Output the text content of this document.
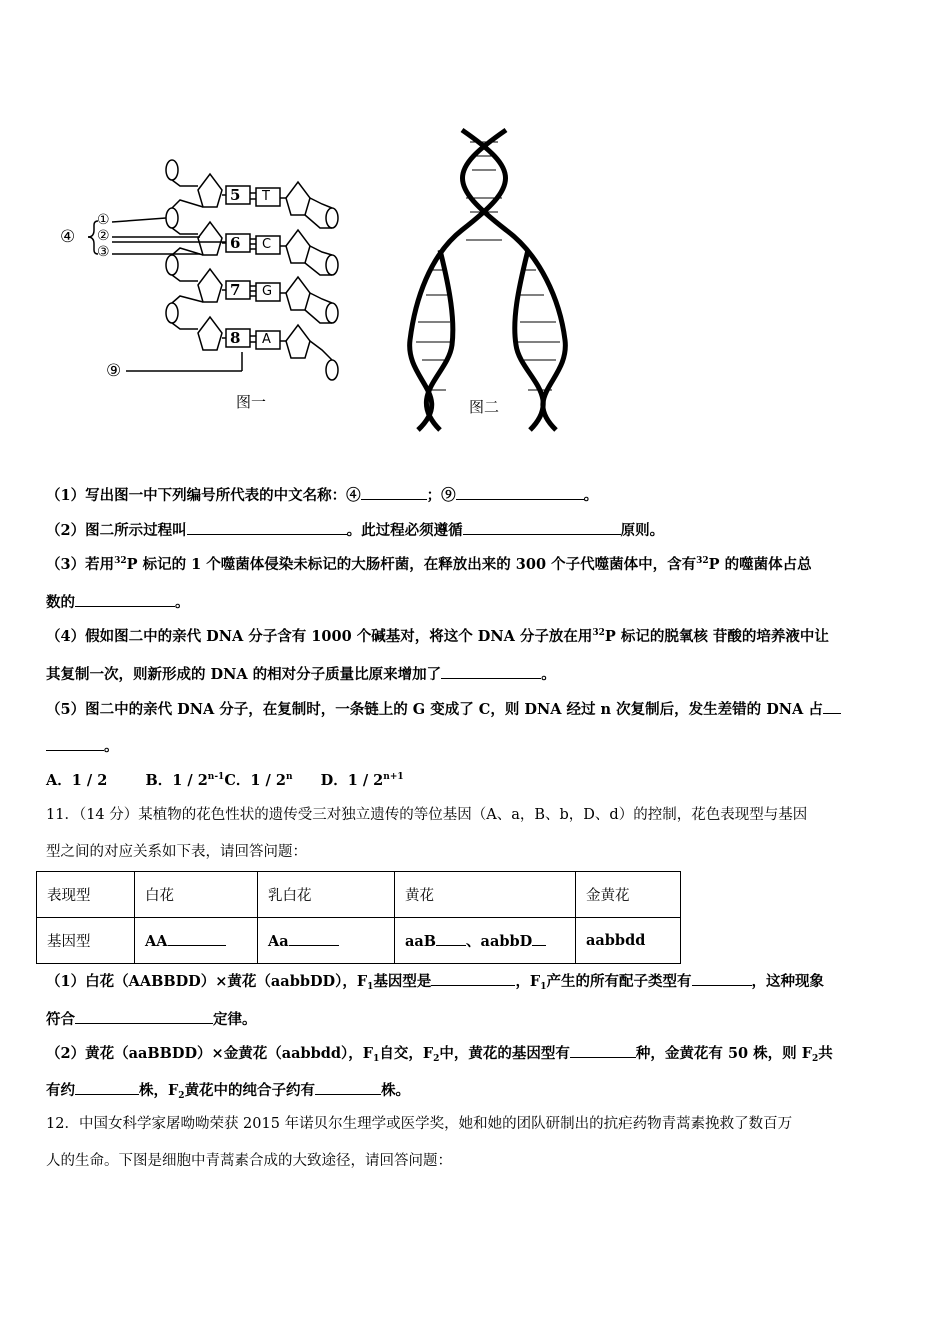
5 T
6 C
7 G
8 A
④
①
②
③
⑨
图一	图二
（1）写出图一中下列编号所代表的中文名称：④	；⑨	。
（2）图二所示过程叫	。此过程必须遵循	原则。
（3）若用$^{32}$P 标记的 1 个噬菌体侵染未标记的大肠杆菌，在释放出来的 300 个子代噬菌体中，含有$^{32}$P 的噬菌体占总
数的	。
（4）假如图二中的亲代 DNA 分子含有 1000 个碱基对，将这个 DNA 分子放在用$^{32}$P 标记的脱氧核 苷酸的培养液中让
其复制一次，则新形成的 DNA 的相对分子质量比原来增加了	。
（5）图二中的亲代 DNA 分子，在复制时，一条链上的 G 变成了 C，则 DNA 经过 n 次复制后，发生差错的 DNA 占
。
A．1 / 2	B．1 / 2$^{n-1}$C．1 / 2$^n$ D．$1 / 2^{n+1}$
11．（14 分）某植物的花色性状的遗传受三对独立遗传的等位基因（A、a，B、b，D、d）的控制，花色表现型与基因
型之间的对应关系如下表，请回答问题：
表现型	白花	乳白花	黄花	金黄花
基因型	AA	Aa	aaB 、aabbD	aabbdd
（1）白花（AABBDD）×黄花（aabbDD），$F_1$基因型是	，$F_1$产生的所有配子类型有	，这种现象
符合	定律。
（2）黄花（aaBBDD）×金黄花（aabbdd），$F_1$自交，$F_2$中，黄花的基因型有	种，金黄花有 50 株，则 $F_2$共
有约	株，$F_2$黄花中的纯合子约有	株。
12．中国女科学家屠呦呦荣获 2015 年诺贝尔生理学或医学奖，她和她的团队研制出的抗疟药物青蒿素挽救了数百万
人的生命。下图是细胞中青蒿素合成的大致途径，请回答问题：
